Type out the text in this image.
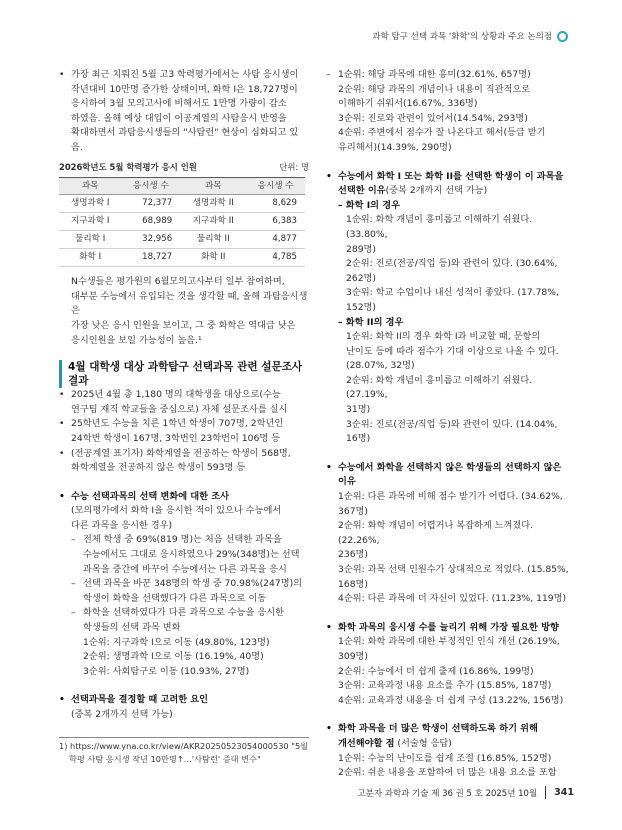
과학 탐구 선택 과목 '화학'의 상황과 주요 논의점
• 가장 최근 치뤄진 5월 고3 학력평가에서는 사탐 응시생이

작년대비 10만명 증가한 상태이며, 화학 I은 18,727명이

응시하여 3월 모의고사에 비해서도 1만명 가량이 감소

하였음. 올해 예상 대입이 이공계열의 사탐응시 반영을

확대하면서 과탐응시생들의 "사탐런" 현상이 심화되고 있음.

2026학년도 5월 학력평가 응시 인원	단위: 명
과목	응시생 수	과목	응시생 수
생명과학 I	72,377	생명과학 II	8,629
지구과학 I	68,989	지구과학 II	6,383
물리학 I	32,956	물리학 II	4,877
화학 I	18,727	화학 II	4,785

N수생들은 평가원의 6월모의고사부터 일부 참여하며,

대부분 수능에서 유입되는 것을 생각할 때, 올해 과탐응시생은

가장 낮은 응시 인원을 보이고, 그 중 화학은 역대급 낮은

응시인원을 보일 가능성이 높음.¹

4월 대학생 대상 과학탐구 선택과목 관련 설문조사

결과

• 2025년 4월 총 1,180 명의 대학생을 대상으로(수능

연구팀 재직 학교들을 중심으로) 자체 설문조사를 실시

• 25학년도 수능을 치른 1학년 학생이 707명, 2학년인

24학번 학생이 167명, 3학번인 23학번이 106명 등

• (전공계열 표기자) 화학계열을 전공하는 학생이 568명,

화학계열을 전공하지 않은 학생이 593명 등

• 수능 선택과목의 선택 변화에 대한 조사

(모의평가에서 화학 I을 응시한 적이 있으나 수능에서

다른 과목을 응시한 경우)

– 전체 학생 중 69%(819 명)는 처음 선택한 과목을

수능에서도 그대로 응시하였으나 29%(348명)는 선택

과목을 중간에 바꾸어 수능에서는 다른 과목을 응시

– 선택 과목을 바꾼 348명의 학생 중 70.98%(247명)의

학생이 화학을 선택했다가 다른 과목으로 이동

– 화학을 선택하였다가 다른 과목으로 수능을 응시한

학생들의 선택 과목 변화

1순위: 지구과학 I으로 이동 (49.80%, 123명)

2순위: 생명과학 I으로 이동 (16.19%, 40명)

3순위: 사회탐구로 이동 (10.93%, 27명)

• 선택과목을 결정할 때 고려한 요인

(중복 2개까지 선택 가능)

– 1순위: 해당 과목에 대한 흥미(32.61%, 657명)

2순위: 해당 과목의 개념이나 내용이 직관적으로

이해하기 쉬워서(16.67%, 336명)

3순위: 진로와 관련이 있어서(14.54%, 293명)

4순위: 주변에서 점수가 잘 나온다고 해서(등급 받기

유리해서)(14.39%, 290명)

• 수능에서 화학 I 또는 화학 II를 선택한 학생이 이 과목을

선택한 이유(중복 2개까지 선택 가능)

– 화학 I의 경우

1순위: 화학 개념이 흥미롭고 이해하기 쉬웠다. (33.80%,

289명)

2순위: 진로(전공/직업 등)와 관련이 있다. (30.64%,

262명)

3순위: 학교 수업이나 내신 성적이 좋았다. (17.78%,

152명)

– 화학 II의 경우

1순위: 화학 II의 경우 화학 I과 비교할 때, 문항의

난이도 등에 따라 점수가 기대 이상으로 나올 수 있다.

(28.07%, 32명)

2순위: 화학 개념이 흥미롭고 이해하기 쉬웠다. (27.19%,

31명)

3순위: 진로(전공/직업 등)와 관련이 있다. (14.04%,

16명)

• 수능에서 화학을 선택하지 않은 학생들의 선택하지 않은

이유

1순위: 다른 과목에 비해 점수 받기가 어렵다. (34.62%,

367명)

2순위: 화학 개념이 어렵거나 복잡하게 느껴졌다. (22.26%,

236명)

3순위: 과목 선택 인원수가 상대적으로 적었다. (15.85%,

168명)

4순위: 다른 과목에 더 자신이 있었다. (11.23%, 119명)

• 화학 과목의 응시생 수를 늘리기 위해 가장 필요한 방향

1순위: 화학 과목에 대한 부정적인 인식 개선 (26.19%,

309명)

2순위: 수능에서 더 쉽게 출제 (16.86%, 199명)

3순위: 교육과정 내용 요소를 추가 (15.85%, 187명)

4순위: 교육과정 내용을 더 쉽게 구성 (13.22%, 156명)

• 화학 과목을 더 많은 학생이 선택하도록 하기 위해

개선해야할 점 (서술형 응답)

1순위: 수능의 난이도를 쉽게 조절 (16.85%, 152명)

2순위: 쉬운 내용을 포함하여 더 많은 내용 요소를 포함

1) https://www.yna.co.kr/view/AKR20250523054000530 "5월

학평 사탐 응시생 작년 10만명↑…'사탐런' 증대 변수"

고분자 과학과 기술 제 36 권 5 호 2025년 10월 341
